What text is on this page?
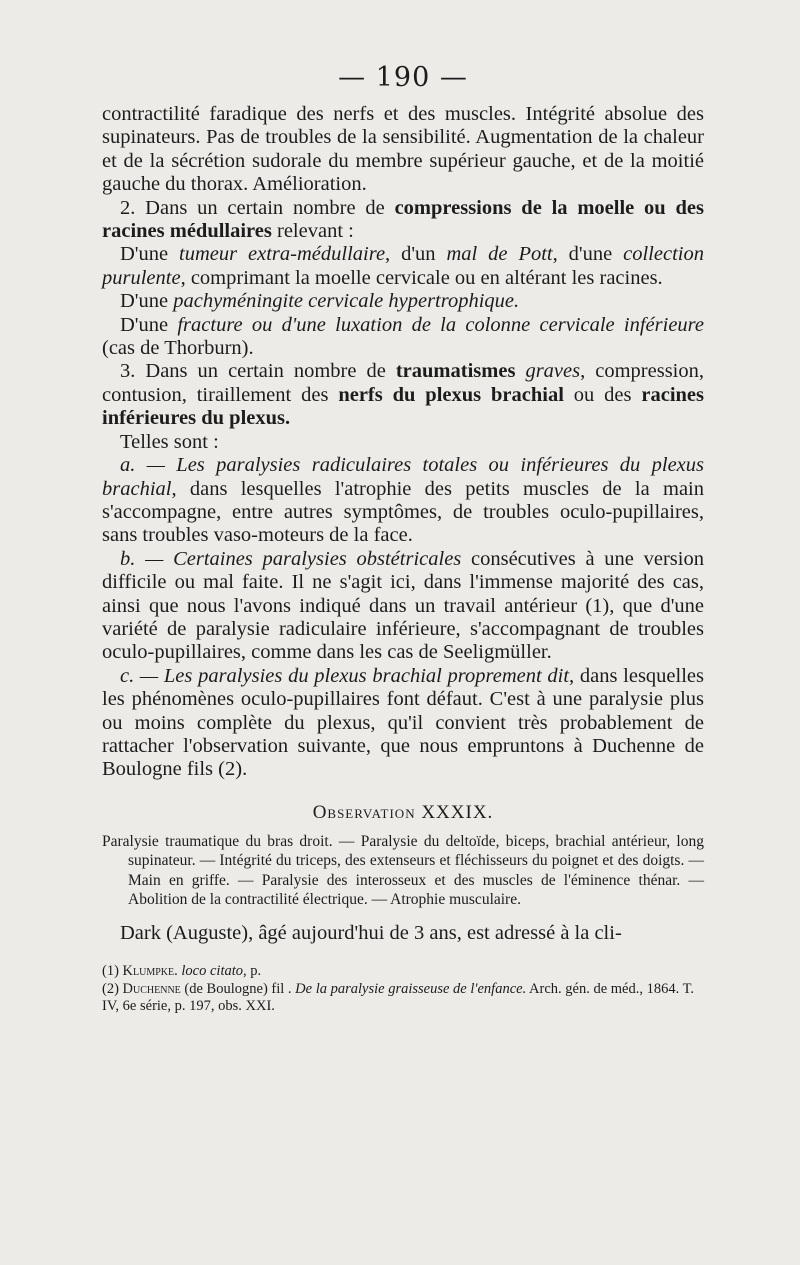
— 190 —

contractilité faradique des nerfs et des muscles. Intégrité absolue des supinateurs. Pas de troubles de la sensibilité. Augmentation de la chaleur et de la sécrétion sudorale du membre supérieur gauche, et de la moitié gauche du thorax. Amélioration.

2. Dans un certain nombre de compressions de la moelle ou des racines médullaires relevant :

D'une tumeur extra-médullaire, d'un mal de Pott, d'une collection purulente, comprimant la moelle cervicale ou en altérant les racines.

D'une pachyméningite cervicale hypertrophique.

D'une fracture ou d'une luxation de la colonne cervicale inférieure (cas de Thorburn).

3. Dans un certain nombre de traumatismes graves, compression, contusion, tiraillement des nerfs du plexus brachial ou des racines inférieures du plexus.

Telles sont :

a. — Les paralysies radiculaires totales ou inférieures du plexus brachial, dans lesquelles l'atrophie des petits muscles de la main s'accompagne, entre autres symptômes, de troubles oculo-pupillaires, sans troubles vaso-moteurs de la face.

b. — Certaines paralysies obstétricales consécutives à une version difficile ou mal faite. Il ne s'agit ici, dans l'immense majorité des cas, ainsi que nous l'avons indiqué dans un travail antérieur (1), que d'une variété de paralysie radiculaire inférieure, s'accompagnant de troubles oculo-pupillaires, comme dans les cas de Seeligmüller.

c. — Les paralysies du plexus brachial proprement dit, dans lesquelles les phénomènes oculo-pupillaires font défaut. C'est à une paralysie plus ou moins complète du plexus, qu'il convient très probablement de rattacher l'observation suivante, que nous empruntons à Duchenne de Boulogne fils (2).

Observation XXXIX.

Paralysie traumatique du bras droit. — Paralysie du deltoïde, biceps, brachial antérieur, long supinateur. — Intégrité du triceps, des extenseurs et fléchisseurs du poignet et des doigts. — Main en griffe. — Paralysie des interosseux et des muscles de l'éminence thénar. — Abolition de la contractilité électrique. — Atrophie musculaire.

Dark (Auguste), âgé aujourd'hui de 3 ans, est adressé à la cli-

(1) Klumpke. loco citato, p.

(2) Duchenne (de Boulogne) fil . De la paralysie graisseuse de l'enfance. Arch. gén. de méd., 1864. T. IV, 6e série, p. 197, obs. XXI.
